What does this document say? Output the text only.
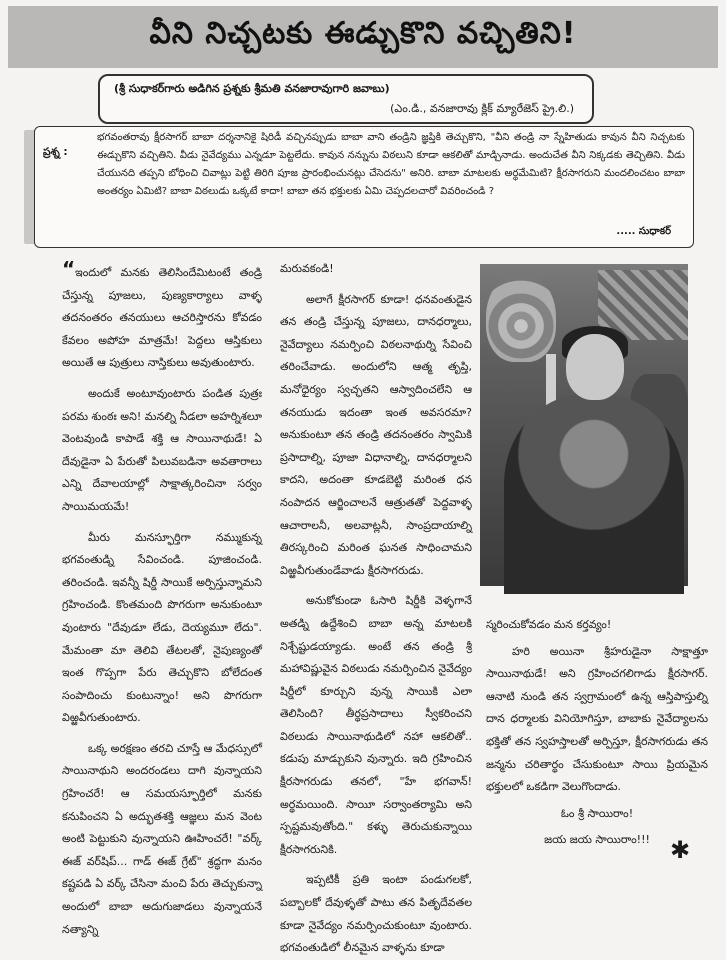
వీని నిచ్చటకు ఈడ్చుకొని వచ్చితిని!
(శ్రీ సుధాకర్‌గారు అడిగిన ప్రశ్నకు శ్రీమతి వనజారావుగారి జవాబు)
(ఎం.డి., వనజారావు క్లిక్ మ్యారేజెస్ ప్రై.లి.)
ప్రశ్న :
భగవంతరావు క్షీరసాగర్ బాబా దర్శనానికై షిరిడీ వచ్చినప్పుడు బాబా వాని తండ్రిని జ్ఞప్తికి తెచ్చుకొని, "వీని తండ్రి నా స్నేహితుడు కావున వీని నిచ్చటకు ఈడ్చుకొని వచ్చితిని. వీడు నైవేద్యము ఎన్నడూ పెట్టలేదు. కావున నన్నును విఠలుని కూడా ఆకలితో మాడ్చినాడు. అందుచేత వీని నిక్కడకు తెచ్చితిని. వీడు చేయునది తప్పని బోధించి చివాట్లు పెట్టి తిరిగి పూజ ప్రారంభించునట్లు చేసెదను" అనిరి. బాబా మాటలకు అర్థమేమిటి? క్షీరసాగరుని మందలించటం బాబా అంతర్యం ఏమిటి? బాబా విఠలుడు ఒక్కటే కాదా! బాబా తన భక్తులకు ఏమి చెప్పదలచారో వివరించండి ?
..... సుధాకర్

“ఇందులో మనకు తెలిసిందేమిటంటే తండ్రి చేస్తున్న పూజలు, పుణ్యకార్యాలు వాళ్ళ తదనంతరం తనయులు ఆచరిస్తారను కోవడం కేవలం అపోహ మాత్రమే! పెద్దలు ఆస్తికులు అయితే ఆ పుత్రులు నాస్తికులు అవుతుంటారు.

అందుకే అంటూవుంటారు పండిత పుత్రః పరమ శుంఠః అని! మనల్ని నీడలా అహర్నిశలూ వెంటవుండి కాపాడే శక్తి ఆ సాయినాథుడే! ఏ దేవుడైనా ఏ పేరుతో పిలువబడినా అవతారాలు ఎన్ని దేవాలయాల్లో సాక్షాత్కరించినా సర్వం సాయిమయమే!

మీరు మనస్ఫూర్తిగా నమ్ముకున్న భగవంతుడ్ని సేవించండి. పూజించండి. తరించండి. ఇవన్నీ షిర్డీ సాయికే అర్పిస్తున్నామని గ్రహించండి. కొంతమంది పొగరుగా అనుకుంటూ వుంటారు "దేవుడూ లేడు, దెయ్యమూ లేదు". మేమంతా మా తెలివి తేటలతో, నైపుణ్యంతో ఇంత గొప్పగా పేరు తెచ్చుకొని బోలేదంత సంపాదించు కుంటున్నాం! అని పొగరుగా విఱ్ఱవీగుతుంటారు.

ఒక్క అరక్షణం తరచి చూస్తే ఆ మేధస్సులో సాయినాథుని అందరండలు దాగి వున్నాయని గ్రహించరే! ఆ సమయస్ఫూర్తిలో మనకు కనుపించని ఏ అద్భుతశక్తి ఆజ్ఞలు మన వెంట అంటి పెట్టుకుని వున్నాయని ఊహించరే! "వర్క్ ఈజ్ వర్‌షిప్... గాడ్ ఈజ్ గ్రేట్" శ్రద్ధగా మనం కష్టపడి ఏ వర్క్ చేసినా మంచి పేరు తెచ్చుకున్నా అందులో బాబా అదుగుజాడలు వున్నాయనే నత్యాన్ని

మరువకండి!

అలాగే క్షీరసాగర్ కూడా! ధనవంతుడైన తన తండ్రి చేస్తున్న పూజలు, దానధర్మాలు, నైవేద్యాలు నమర్పించి విఠలనాథుర్ని సేవించి తరించేవాడు. అందులోని ఆత్మ తృప్తి, మనోధైర్యం స్వచ్ఛతని ఆస్వాదించలేని ఆ తనయుడు ఇదంతా ఇంత అవసరమా? అనుకుంటూ తన తండ్రి తదనంతరం స్వామికి ప్రసాదాల్ని, పూజా విధానాల్ని, దానధర్మాలని కాదని, అదంతా కూడబెట్టి మరింత ధన నంపాదన ఆర్జించాలనే ఆత్రుతతో పెద్దవాళ్ళ ఆచారాలనీ, అలవాట్లనీ, సాంప్రదాయాల్ని తిరస్కరించి మరింత ఘనత సాధించామని విఱ్ఱవీగుతుండేవాడు క్షీరసాగరుడు.

అనుకోకుండా ఓసారి షిర్డీకి వెళ్ళగానే అతడ్ని ఉద్దేశించి బాబా అన్న మాటలకి నిశ్చేష్టుడయ్యాడు. అంటే తన తండ్రి శ్రీ మహావిష్ణువైన విఠలుడు నమర్పించిన నైవేద్యం షిర్డీలో కూర్చుని వున్న సాయికి ఎలా తెలిసింది? తీర్థప్రసాదాలు స్వీకరించని విఠలుడు సాయినాథుడిలో నహా ఆకలితో.. కడుపు మాడ్చుకుని వున్నారు. ఇది గ్రహించిన క్షీరసాగరుడు తనలో, "హే భగవాన్! అర్థమయింది. సాయీ సర్వాంతర్యామి అని స్పష్టమవుతోంది." కళ్ళు తెరుచుకున్నాయి క్షీరసాగరునికి.

ఇప్పటికీ ప్రతి ఇంటా పండుగలకో, పబ్బాలకో దేవుళ్ళతో పాటు తన పితృదేవతల కూడా నైవేద్యం నమర్పించుకుంటూ వుంటారు. భగవంతుడిలో లీనమైన వాళ్ళను కూడా

స్మరించుకోవడం మన కర్తవ్యం!

హరి అయినా శ్రీహరుడైనా సాక్షాత్తూ సాయినాథుడే! అని గ్రహించగలిగాడు క్షీరసాగర్. ఆనాటి నుండి తన స్వగ్రామంలో ఉన్న ఆస్తిపాస్తుల్ని దాన ధర్మాలకు వినియోగిస్తూ, బాబాకు నైవేద్యాలను భక్తితో తన స్వహస్తాలతో అర్పిస్తూ, క్షీరసాగరుడు తన జన్మను చరితార్థం చేసుకుంటూ సాయి ప్రియమైన భక్తులలో ఒకడిగా వెలుగొందాడు.

ఓం శ్రీ సాయిరాం!

జయ జయ సాయిరాం!!! ✱
